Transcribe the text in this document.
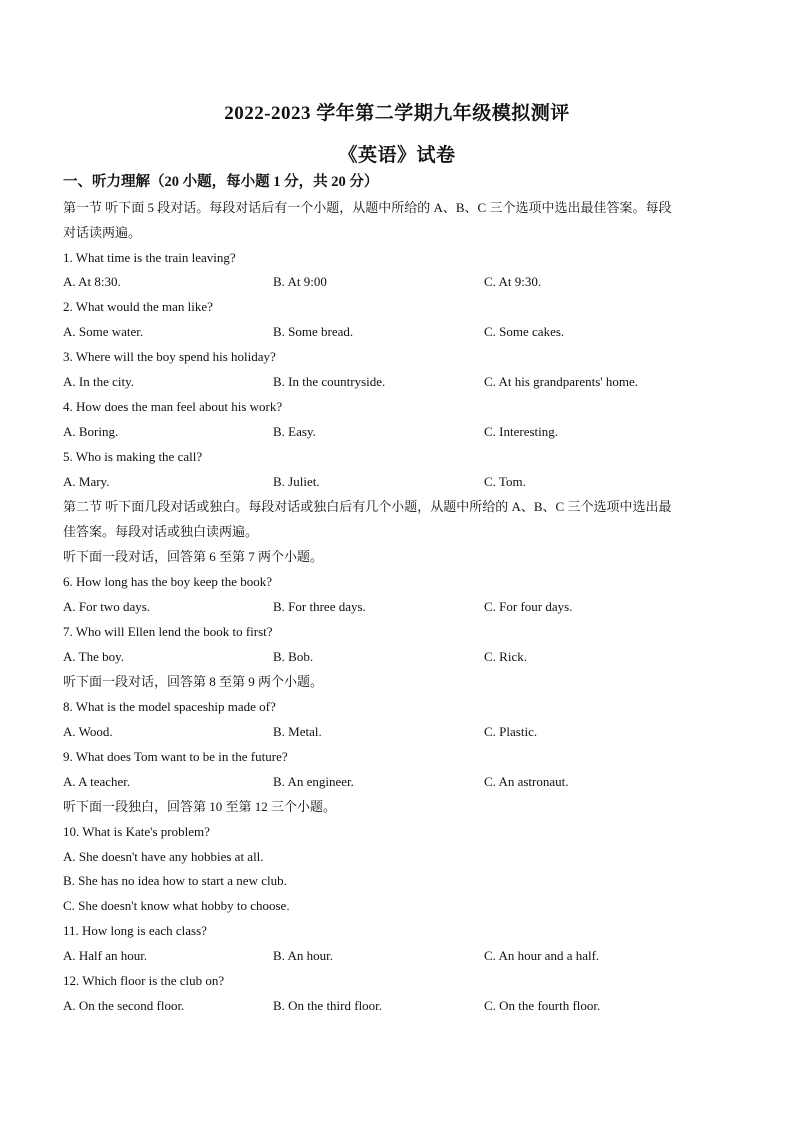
2022-2023 学年第二学期九年级模拟测评
《英语》试卷
一、听力理解（20 小题，每小题 1 分，共 20 分）
第一节 听下面 5 段对话。每段对话后有一个小题，从题中所给的 A、B、C 三个选项中选出最佳答案。每段
对话读两遍。
1. What time is the train leaving?
A. At 8:30.	B. At 9:00	C. At 9:30.
2. What would the man like?
A. Some water.	B. Some bread.	C. Some cakes.
3. Where will the boy spend his holiday?
A. In the city.	B. In the countryside.	C. At his grandparents' home.
4. How does the man feel about his work?
A. Boring.	B. Easy.	C. Interesting.
5. Who is making the call?
A. Mary.	B. Juliet.	C. Tom.
第二节 听下面几段对话或独白。每段对话或独白后有几个小题，从题中所给的 A、B、C 三个选项中选出最
佳答案。每段对话或独白读两遍。
听下面一段对话，回答第 6 至第 7 两个小题。
6. How long has the boy keep the book?
A. For two days.	B. For three days.	C. For four days.
7. Who will Ellen lend the book to first?
A. The boy.	B. Bob.	C. Rick.
听下面一段对话，回答第 8 至第 9 两个小题。
8. What is the model spaceship made of?
A. Wood.	B. Metal.	C. Plastic.
9. What does Tom want to be in the future?
A. A teacher.	B. An engineer.	C. An astronaut.
听下面一段独白，回答第 10 至第 12 三个小题。
10. What is Kate's problem?
A. She doesn't have any hobbies at all.
B. She has no idea how to start a new club.
C. She doesn't know what hobby to choose.
11. How long is each class?
A. Half an hour.	B. An hour.	C. An hour and a half.
12. Which floor is the club on?
A. On the second floor.	B. On the third floor.	C. On the fourth floor.
